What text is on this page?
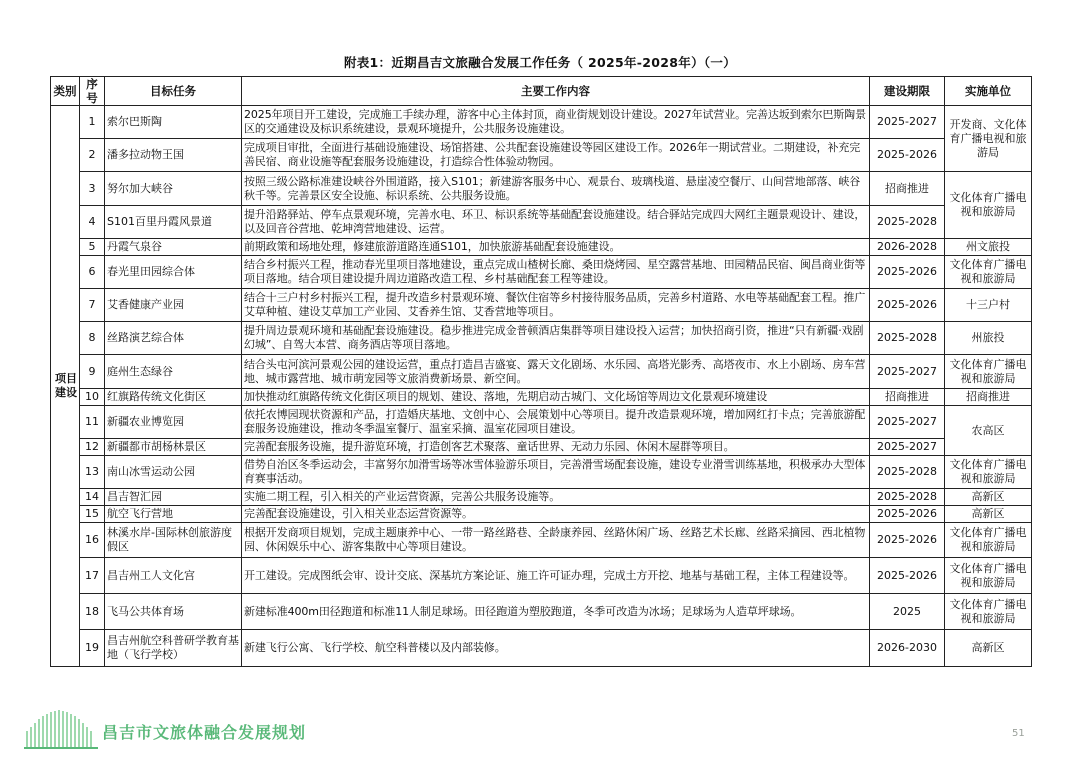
附表1：近期昌吉文旅融合发展工作任务（ 2025年-2028年）（一）
类别	序号	目标任务	主要工作内容	建设期限	实施单位
项目建设	1	索尔巴斯陶	2025年项目开工建设，完成施工手续办理，游客中心主体封顶，商业街规划设计建设。2027年试营业。完善达坂到索尔巴斯陶景区的交通建设及标识系统建设，景观环境提升，公共服务设施建设。	2025-2027	开发商、文化体育广播电视和旅游局
	2	潘多拉动物王国	完成项目审批，全面进行基础设施建设、场馆搭建、公共配套设施建设等园区建设工作。2026年一期试营业。二期建设，补充完善民宿、商业设施等配套服务设施建设，打造综合性体验动物园。	2025-2026	
	3	努尔加大峡谷	按照三级公路标准建设峡谷外围道路，接入S101；新建游客服务中心、观景台、玻璃栈道、悬崖凌空餐厅、山间营地部落、峡谷秋千等。完善景区安全设施、标识系统、公共服务设施。	招商推进	文化体育广播电视和旅游局
	4	S101百里丹霞风景道	提升沿路驿站、停车点景观环境，完善水电、环卫、标识系统等基础配套设施建设。结合驿站完成四大网红主题景观设计、建设，以及回音谷营地、乾坤湾营地建设、运营。	2025-2028	
	5	丹霞气泉谷	前期政策和场地处理，修建旅游道路连通S101，加快旅游基础配套设施建设。	2026-2028	州文旅投
	6	春光里田园综合体	结合乡村振兴工程，推动春光里项目落地建设，重点完成山楂树长廊、桑田烧烤园、星空露营基地、田园精品民宿、闽昌商业街等项目落地。结合项目建设提升周边道路改造工程、乡村基础配套工程等建设。	2025-2026	文化体育广播电视和旅游局
	7	艾香健康产业园	结合十三户村乡村振兴工程，提升改造乡村景观环境、餐饮住宿等乡村接待服务品质，完善乡村道路、水电等基础配套工程。推广艾草种植、建设艾草加工产业园、艾香养生馆、艾香营地等项目。	2025-2026	十三户村
	8	丝路演艺综合体	提升周边景观环境和基础配套设施建设。稳步推进完成金普顿酒店集群等项目建设投入运营；加快招商引资，推进“只有新疆·戏剧幻城”、自驾大本营、商务酒店等项目落地。	2025-2028	州旅投
	9	庭州生态绿谷	结合头屯河滨河景观公园的建设运营，重点打造昌吉盛宴、露天文化剧场、水乐园、高塔光影秀、高塔夜市、水上小剧场、房车营地、城市露营地、城市萌宠园等文旅消费新场景、新空间。	2025-2027	文化体育广播电视和旅游局
	10	红旗路传统文化街区	加快推动红旗路传统文化街区项目的规划、建设、落地，先期启动古城门、文化场馆等周边文化景观环境建设	招商推进	招商推进
	11	新疆农业博览园	依托农博园现状资源和产品，打造婚庆基地、文创中心、会展策划中心等项目。提升改造景观环境，增加网红打卡点；完善旅游配套服务设施建设，推动冬季温室餐厅、温室采摘、温室花园项目建设。	2025-2027	农高区
	12	新疆都市胡杨林景区	完善配套服务设施，提升游览环境，打造创客艺术聚落、童话世界、无动力乐园、休闲木屋群等项目。	2025-2027	
	13	南山冰雪运动公园	借势自治区冬季运动会，丰富努尔加滑雪场等冰雪体验游乐项目，完善滑雪场配套设施，建设专业滑雪训练基地，积极承办大型体育赛事活动。	2025-2028	文化体育广播电视和旅游局
	14	昌吉智汇园	实施二期工程，引入相关的产业运营资源，完善公共服务设施等。	2025-2028	高新区
	15	航空飞行营地	完善配套设施建设，引入相关业态运营资源等。	2025-2026	高新区
	16	林溪水岸-国际林创旅游度假区	根据开发商项目规划，完成主题康养中心、一带一路丝路巷、全龄康养园、丝路休闲广场、丝路艺术长廊、丝路采摘园、西北植物园、休闲娱乐中心、游客集散中心等项目建设。	2025-2026	文化体育广播电视和旅游局
	17	昌吉州工人文化宫	开工建设。完成图纸会审、设计交底、深基坑方案论证、施工许可证办理，完成土方开挖、地基与基础工程，主体工程建设等。	2025-2026	文化体育广播电视和旅游局
	18	飞马公共体育场	新建标准400m田径跑道和标准11人制足球场。田径跑道为塑胶跑道，冬季可改造为冰场；足球场为人造草坪球场。	2025	文化体育广播电视和旅游局
	19	昌吉州航空科普研学教育基地（飞行学校）	新建飞行公寓、飞行学校、航空科普楼以及内部装修。	2026-2030	高新区
昌吉市文旅体融合发展规划	51
